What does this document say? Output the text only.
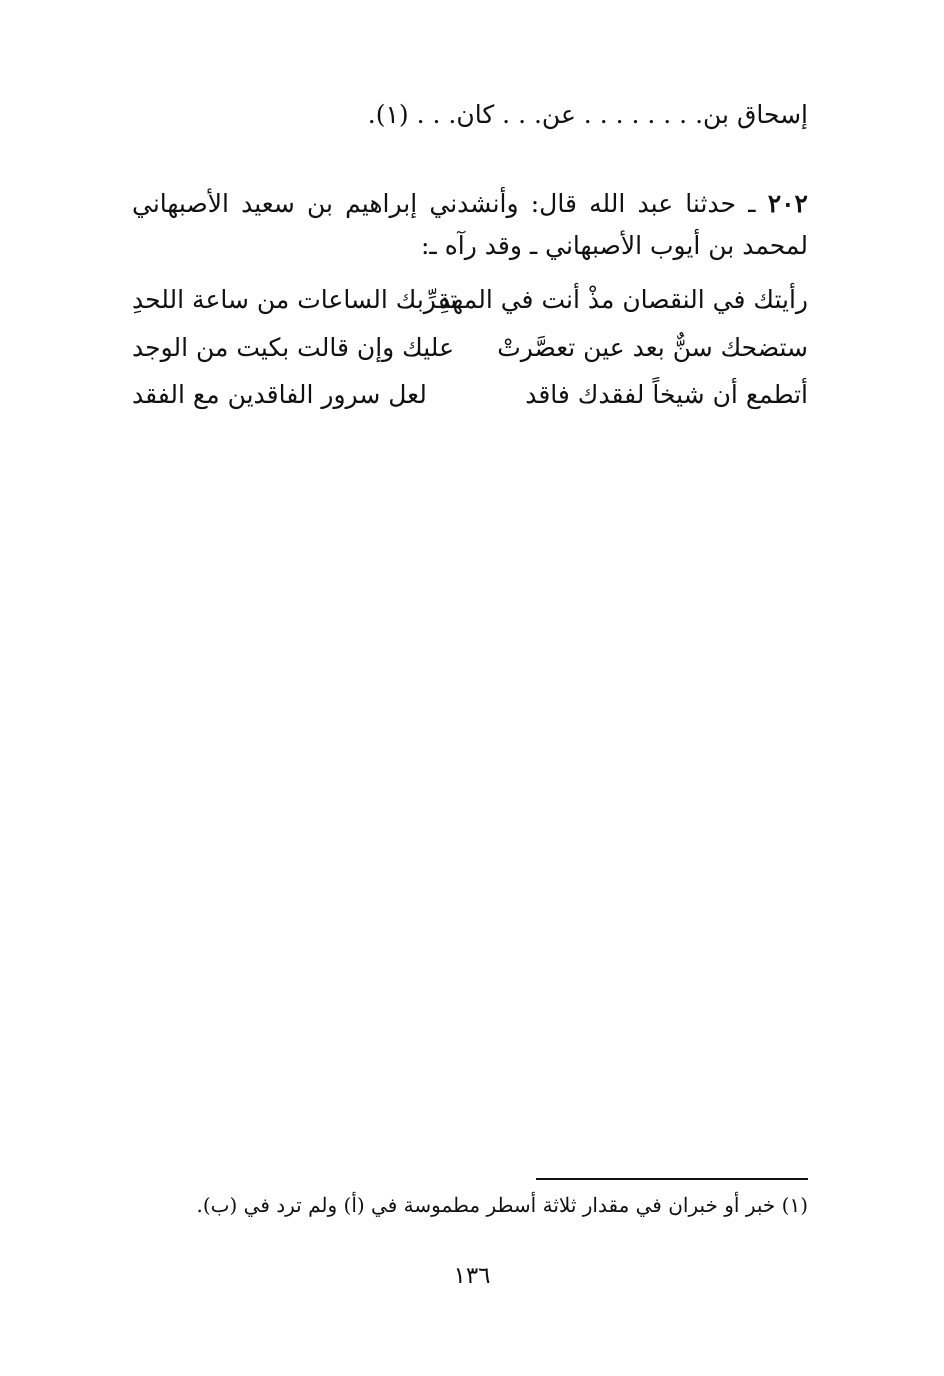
إسحاق بن. . . . . . . . عن. . . كان. . . (١).
٢٠٢ ـ حدثنا عبد الله قال: وأنشدني إبراهيم بن سعيد الأصبهاني لمحمد بن أيوب الأصبهاني ـ وقد رآه ـ:
رأيتك في النقصان مذْ أنت في المهدِ
تقرِّبك الساعات من ساعة اللحدِ
ستضحك سنٌّ بعد عين تعصَّرتْ
عليك وإن قالت بكيت من الوجد
أتطمع أن شيخاً لفقدك فاقد
لعل سرور الفاقدين مع الفقد
(١) خبر أو خبران في مقدار ثلاثة أسطر مطموسة في (أ) ولم ترد في (ب).
١٣٦
